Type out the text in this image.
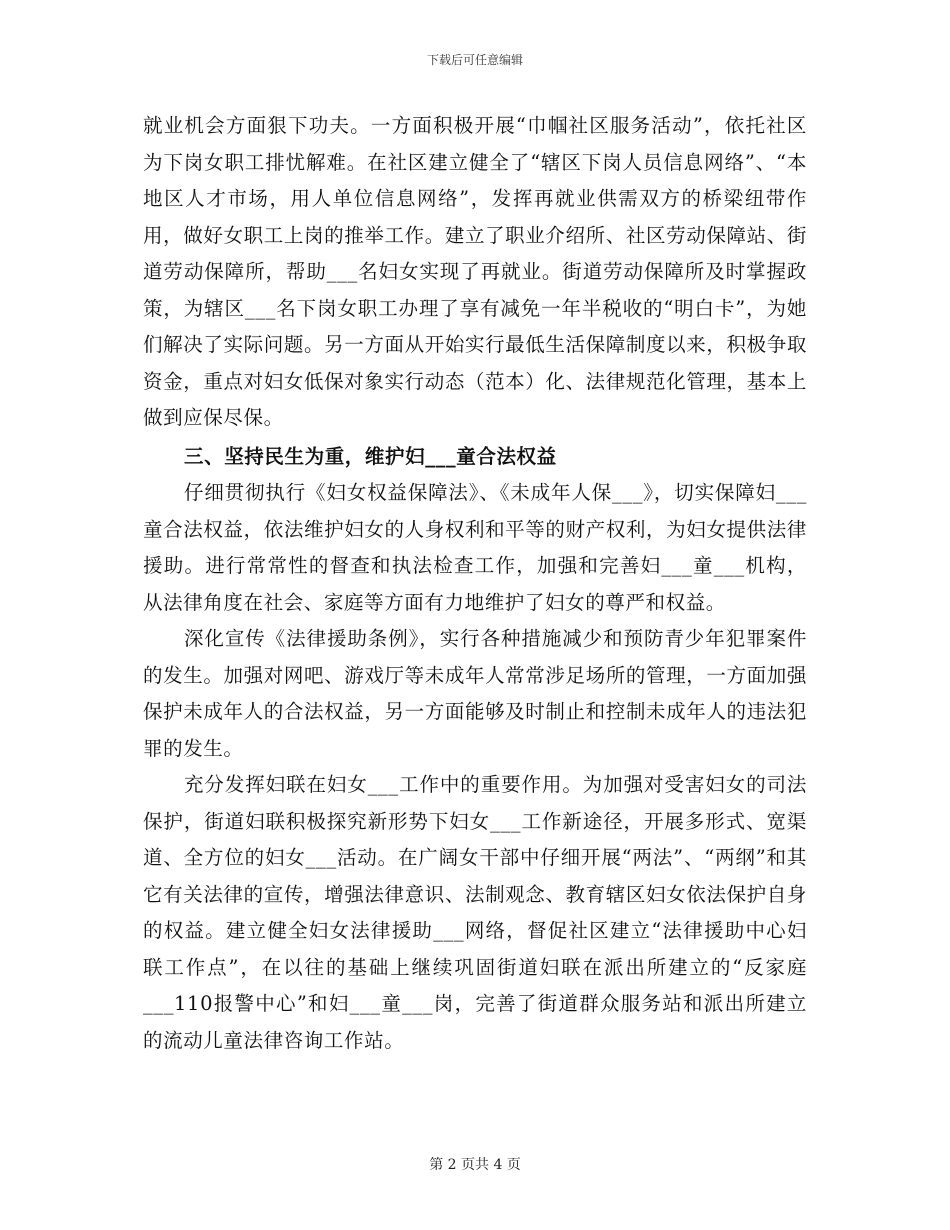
下载后可任意编辑

就业机会方面狠下功夫。一方面积极开展“巾帼社区服务活动”，依托社区为下岗女职工排忧解难。在社区建立健全了“辖区下岗人员信息网络”、“本地区人才市场，用人单位信息网络”，发挥再就业供需双方的桥梁纽带作用，做好女职工上岗的推举工作。建立了职业介绍所、社区劳动保障站、街道劳动保障所，帮助___名妇女实现了再就业。街道劳动保障所及时掌握政策，为辖区___名下岗女职工办理了享有减免一年半税收的“明白卡”，为她们解决了实际问题。另一方面从开始实行最低生活保障制度以来，积极争取资金，重点对妇女低保对象实行动态（范本）化、法律规范化管理，基本上做到应保尽保。

三、坚持民生为重，维护妇___童合法权益

仔细贯彻执行《妇女权益保障法》、《未成年人保___》，切实保障妇___童合法权益，依法维护妇女的人身权利和平等的财产权利，为妇女提供法律援助。进行常常性的督查和执法检查工作，加强和完善妇___童___机构，从法律角度在社会、家庭等方面有力地维护了妇女的尊严和权益。

深化宣传《法律援助条例》，实行各种措施减少和预防青少年犯罪案件的发生。加强对网吧、游戏厅等未成年人常常涉足场所的管理，一方面加强保护未成年人的合法权益，另一方面能够及时制止和控制未成年人的违法犯罪的发生。

充分发挥妇联在妇女___工作中的重要作用。为加强对受害妇女的司法保护，街道妇联积极探究新形势下妇女___工作新途径，开展多形式、宽渠道、全方位的妇女___活动。在广阔女干部中仔细开展“两法”、“两纲”和其它有关法律的宣传，增强法律意识、法制观念、教育辖区妇女依法保护自身的权益。建立健全妇女法律援助___网络，督促社区建立“法律援助中心妇联工作点”，在以往的基础上继续巩固街道妇联在派出所建立的“反家庭___110报警中心”和妇___童___岗，完善了街道群众服务站和派出所建立的流动儿童法律咨询工作站。

第 2 页共 4 页
